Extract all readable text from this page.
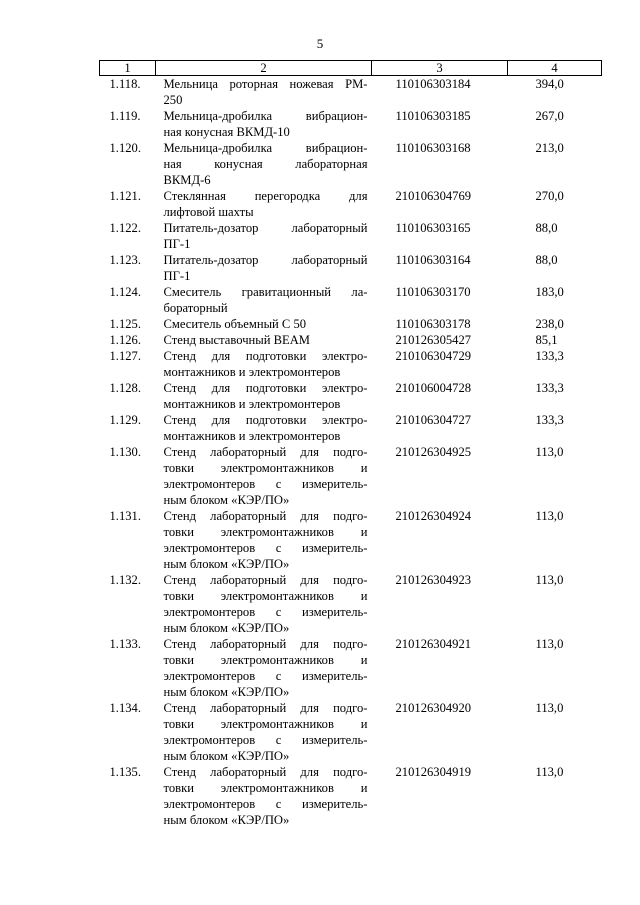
5
1	2	3	4
1.118.	Мельница роторная ножевая РМ-
250	110106303184	394,0
1.119.	Мельница-дробилка вибрацион-
ная конусная ВКМД-10	110106303185	267,0
1.120.	Мельница-дробилка вибрацион-
ная конусная лабораторная
ВКМД-6	110106303168	213,0
1.121.	Стеклянная перегородка для
лифтовой шахты	210106304769	270,0
1.122.	Питатель-дозатор лабораторный
ПГ-1	110106303165	88,0
1.123.	Питатель-дозатор лабораторный
ПГ-1	110106303164	88,0
1.124.	Смеситель гравитационный ла-
бораторный	110106303170	183,0
1.125.	Смеситель объемный С 50	110106303178	238,0
1.126.	Стенд выставочный BEAM	210126305427	85,1
1.127.	Стенд для подготовки электро-
монтажников и электромонтеров	210106304729	133,3
1.128.	Стенд для подготовки электро-
монтажников и электромонтеров	210106004728	133,3
1.129.	Стенд для подготовки электро-
монтажников и электромонтеров	210106304727	133,3
1.130.	Стенд лабораторный для подго-
товки электромонтажников и
электромонтеров с измеритель-
ным блоком «КЭР/ПО»	210126304925	113,0
1.131.	Стенд лабораторный для подго-
товки электромонтажников и
электромонтеров с измеритель-
ным блоком «КЭР/ПО»	210126304924	113,0
1.132.	Стенд лабораторный для подго-
товки электромонтажников и
электромонтеров с измеритель-
ным блоком «КЭР/ПО»	210126304923	113,0
1.133.	Стенд лабораторный для подго-
товки электромонтажников и
электромонтеров с измеритель-
ным блоком «КЭР/ПО»	210126304921	113,0
1.134.	Стенд лабораторный для подго-
товки электромонтажников и
электромонтеров с измеритель-
ным блоком «КЭР/ПО»	210126304920	113,0
1.135.	Стенд лабораторный для подго-
товки электромонтажников и
электромонтеров с измеритель-
ным блоком «КЭР/ПО»	210126304919	113,0
